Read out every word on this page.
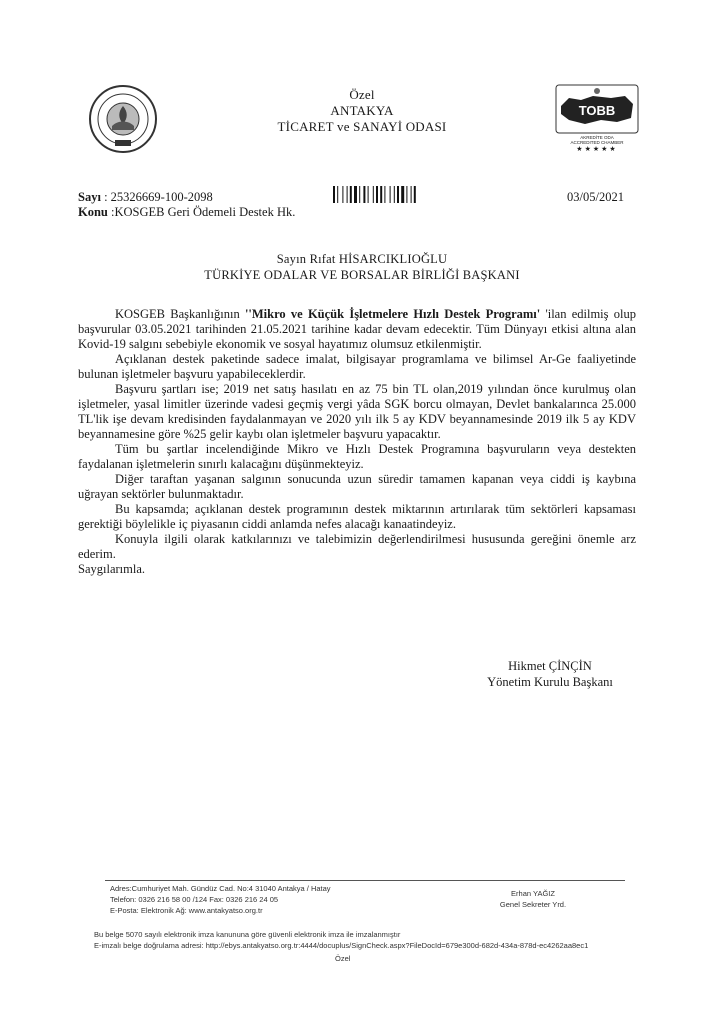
Özel
ANTAKYA
TİCARET ve SANAYİ ODASI
TOBB
AKREDİTE ODA
ACCREDITED CHAMBER
★★★★★
Sayı : 25326669-100-2098
Konu :KOSGEB Geri Ödemeli Destek Hk.
03/05/2021
Sayın Rıfat HİSARCIKLIOĞLU
TÜRKİYE ODALAR VE BORSALAR BİRLİĞİ BAŞKANI

KOSGEB Başkanlığının ''Mikro ve Küçük İşletmelere Hızlı Destek Programı' 'ilan edilmiş olup başvurular 03.05.2021 tarihinden 21.05.2021 tarihine kadar devam edecektir. Tüm Dünyayı etkisi altına alan Kovid-19 salgını sebebiyle ekonomik ve sosyal hayatımız olumsuz etkilenmiştir.

Açıklanan destek paketinde sadece imalat, bilgisayar programlama ve bilimsel Ar-Ge faaliyetinde bulunan işletmeler başvuru yapabileceklerdir.

Başvuru şartları ise; 2019 net satış hasılatı en az 75 bin TL olan,2019 yılından önce kurulmuş olan işletmeler, yasal limitler üzerinde vadesi geçmiş vergi yâda SGK borcu olmayan, Devlet bankalarınca 25.000 TL'lik işe devam kredisinden faydalanmayan ve 2020 yılı ilk 5 ay KDV beyannamesinde 2019 ilk 5 ay KDV beyannamesine göre %25 gelir kaybı olan işletmeler başvuru yapacaktır.

Tüm bu şartlar incelendiğinde Mikro ve Hızlı Destek Programına başvuruların veya destekten faydalanan işletmelerin sınırlı kalacağını düşünmekteyiz.

Diğer taraftan yaşanan salgının sonucunda uzun süredir tamamen kapanan veya ciddi iş kaybına uğrayan sektörler bulunmaktadır.

Bu kapsamda; açıklanan destek programının destek miktarının artırılarak tüm sektörleri kapsaması gerektiği böylelikle iç piyasanın ciddi anlamda nefes alacağı kanaatindeyiz.

Konuyla ilgili olarak katkılarınızı ve talebimizin değerlendirilmesi hususunda gereğini önemle arz ederim.

Saygılarımla.

Hikmet ÇİNÇİN
Yönetim Kurulu Başkanı
Adres:Cumhuriyet Mah. Gündüz Cad. No:4 31040 Antakya / Hatay
Telefon: 0326 216 58 00 /124 Fax: 0326 216 24 05
E-Posta: Elektronik Ağ: www.antakyatso.org.tr
Erhan YAĞIZ
Genel Sekreter Yrd.
Bu belge 5070 sayılı elektronik imza kanununa göre güvenli elektronik imza ile imzalanmıştır
E-imzalı belge doğrulama adresi: http://ebys.antakyatso.org.tr:4444/docuplus/SignCheck.aspx?FileDocId=679e300d-682d-434a-878d-ec4262aa8ec1
Özel
